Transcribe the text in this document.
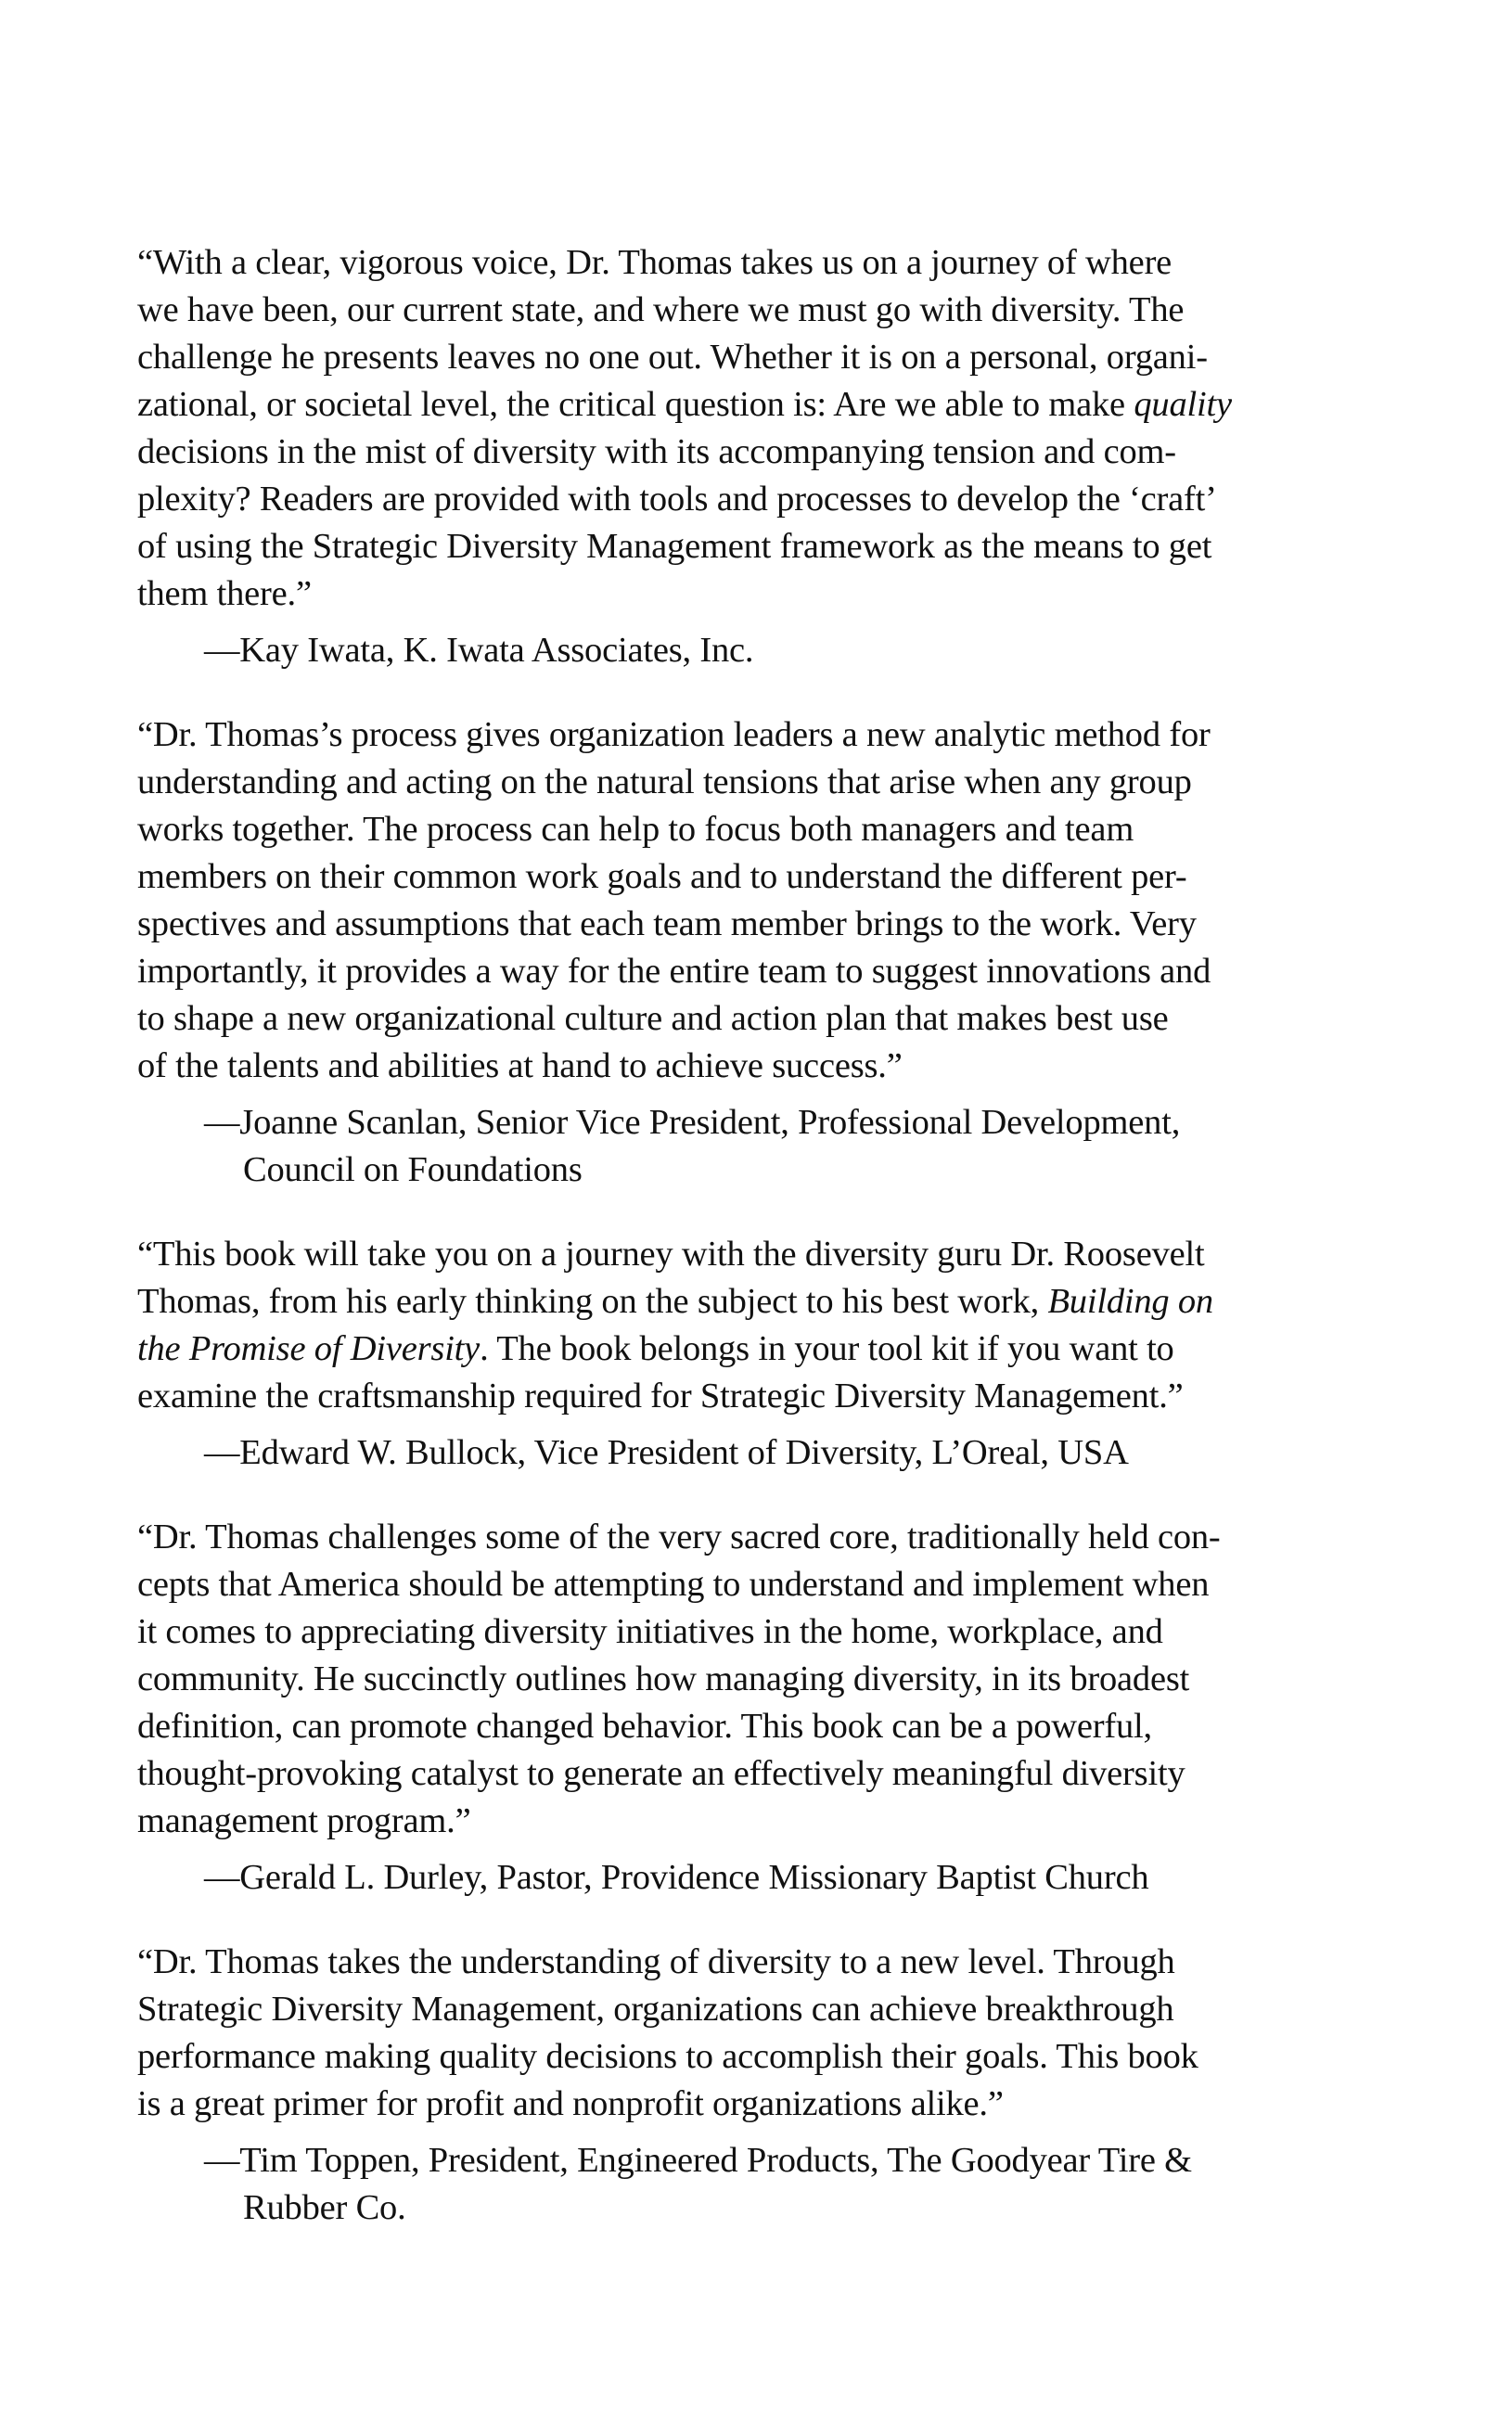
“With a clear, vigorous voice, Dr. Thomas takes us on a journey of where
we have been, our current state, and where we must go with diversity. The
challenge he presents leaves no one out. Whether it is on a personal, organi-
zational, or societal level, the critical question is: Are we able to make quality
decisions in the mist of diversity with its accompanying tension and com-
plexity? Readers are provided with tools and processes to develop the ‘craft’
of using the Strategic Diversity Management framework as the means to get
them there.”

—Kay Iwata, K. Iwata Associates, Inc.

“Dr. Thomas’s process gives organization leaders a new analytic method for
understanding and acting on the natural tensions that arise when any group
works together. The process can help to focus both managers and team
members on their common work goals and to understand the different per-
spectives and assumptions that each team member brings to the work. Very
importantly, it provides a way for the entire team to suggest innovations and
to shape a new organizational culture and action plan that makes best use
of the talents and abilities at hand to achieve success.”

—Joanne Scanlan, Senior Vice President, Professional Development,
Council on Foundations

“This book will take you on a journey with the diversity guru Dr. Roosevelt
Thomas, from his early thinking on the subject to his best work, Building on
the Promise of Diversity. The book belongs in your tool kit if you want to
examine the craftsmanship required for Strategic Diversity Management.”

—Edward W. Bullock, Vice President of Diversity, L’Oreal, USA

“Dr. Thomas challenges some of the very sacred core, traditionally held con-
cepts that America should be attempting to understand and implement when
it comes to appreciating diversity initiatives in the home, workplace, and
community. He succinctly outlines how managing diversity, in its broadest
definition, can promote changed behavior. This book can be a powerful,
thought-provoking catalyst to generate an effectively meaningful diversity
management program.”

—Gerald L. Durley, Pastor, Providence Missionary Baptist Church

“Dr. Thomas takes the understanding of diversity to a new level. Through
Strategic Diversity Management, organizations can achieve breakthrough
performance making quality decisions to accomplish their goals. This book
is a great primer for profit and nonprofit organizations alike.”

—Tim Toppen, President, Engineered Products, The Goodyear Tire &
Rubber Co.
